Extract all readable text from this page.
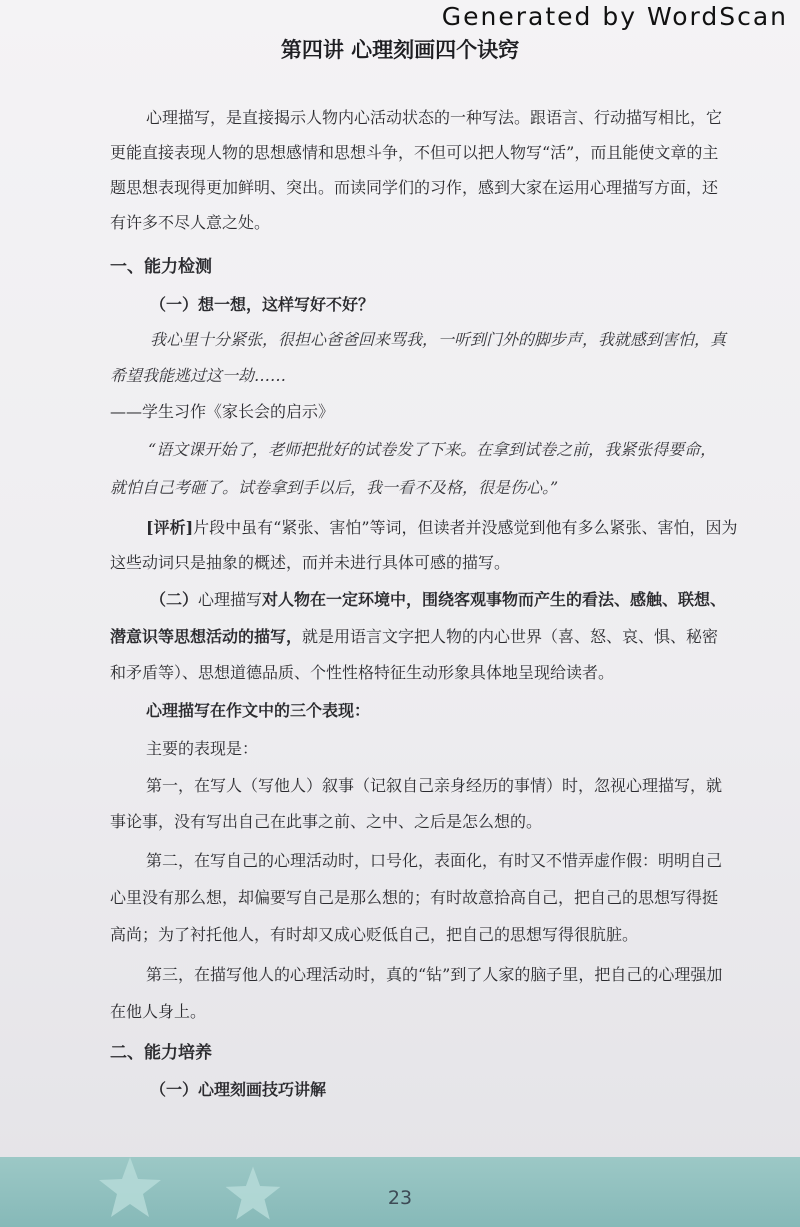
Generated by WordScan
第四讲 心理刻画四个诀窍

心理描写，是直接揭示人物内心活动状态的一种写法。跟语言、行动描写相比，它

更能直接表现人物的思想感情和思想斗争，不但可以把人物写“活”，而且能使文章的主

题思想表现得更加鲜明、突出。而读同学们的习作，感到大家在运用心理描写方面，还

有许多不尽人意之处。

一、能力检测

（一）想一想，这样写好不好？

我心里十分紧张，很担心爸爸回来骂我，一听到门外的脚步声，我就感到害怕，真

希望我能逃过这一劫……

——学生习作《家长会的启示》

“语文课开始了，老师把批好的试卷发了下来。在拿到试卷之前，我紧张得要命，

就怕自己考砸了。试卷拿到手以后，我一看不及格，很是伤心。”

[评析]片段中虽有“紧张、害怕”等词，但读者并没感觉到他有多么紧张、害怕，因为

这些动词只是抽象的概述，而并未进行具体可感的描写。

（二）心理描写对人物在一定环境中，围绕客观事物而产生的看法、感触、联想、

潜意识等思想活动的描写，就是用语言文字把人物的内心世界（喜、怒、哀、惧、秘密

和矛盾等）、思想道德品质、个性性格特征生动形象具体地呈现给读者。

心理描写在作文中的三个表现：

主要的表现是：

第一，在写人（写他人）叙事（记叙自己亲身经历的事情）时，忽视心理描写，就

事论事，没有写出自己在此事之前、之中、之后是怎么想的。

第二，在写自己的心理活动时，口号化，表面化，有时又不惜弄虚作假：明明自己

心里没有那么想，却偏要写自己是那么想的；有时故意拾高自己，把自己的思想写得挺

高尚；为了衬托他人，有时却又成心贬低自己，把自己的思想写得很肮脏。

第三，在描写他人的心理活动时，真的“钻”到了人家的脑子里，把自己的心理强加

在他人身上。

二、能力培养

（一）心理刻画技巧讲解

23
